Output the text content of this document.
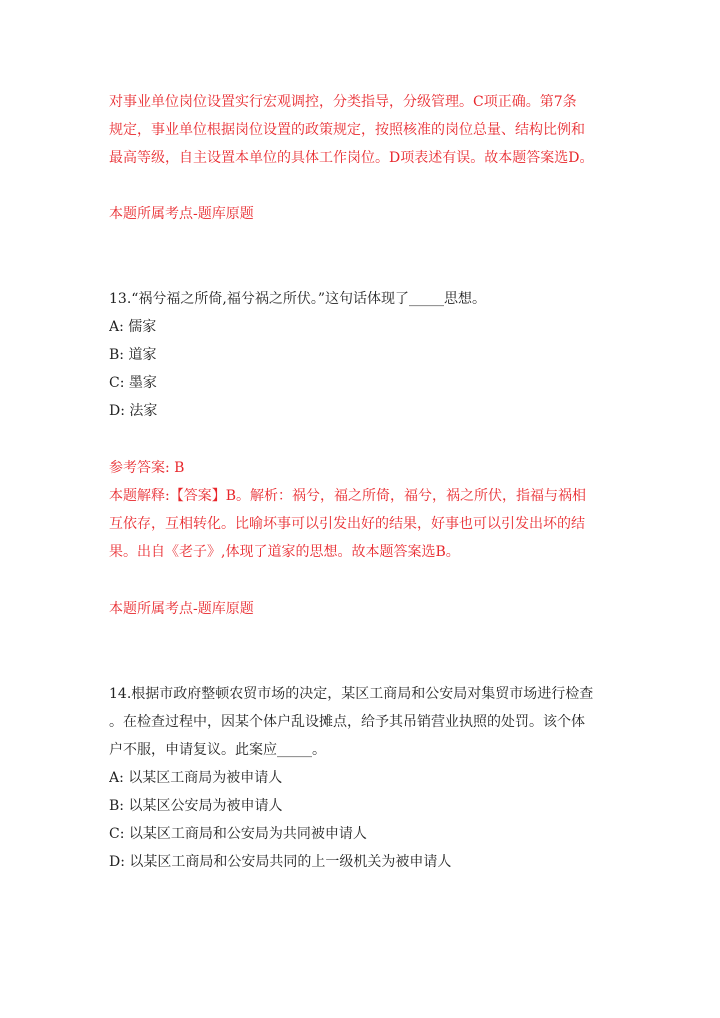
对事业单位岗位设置实行宏观调控，分类指导，分级管理。C项正确。第7条
规定，事业单位根据岗位设置的政策规定，按照核准的岗位总量、结构比例和
最高等级，自主设置本单位的具体工作岗位。D项表述有误。故本题答案选D。
本题所属考点-题库原题
13.“祸兮福之所倚,福兮祸之所伏。”这句话体现了_____思想。
A: 儒家
B: 道家
C: 墨家
D: 法家
参考答案: B
本题解释:【答案】B。解析：祸兮，福之所倚，福兮，祸之所伏，指福与祸相
互依存，互相转化。比喻坏事可以引发出好的结果，好事也可以引发出坏的结
果。出自《老子》,体现了道家的思想。故本题答案选B。
本题所属考点-题库原题
14.根据市政府整顿农贸市场的决定，某区工商局和公安局对集贸市场进行检查
。在检查过程中，因某个体户乱设摊点，给予其吊销营业执照的处罚。该个体
户不服，申请复议。此案应_____。
A: 以某区工商局为被申请人
B: 以某区公安局为被申请人
C: 以某区工商局和公安局为共同被申请人
D: 以某区工商局和公安局共同的上一级机关为被申请人
